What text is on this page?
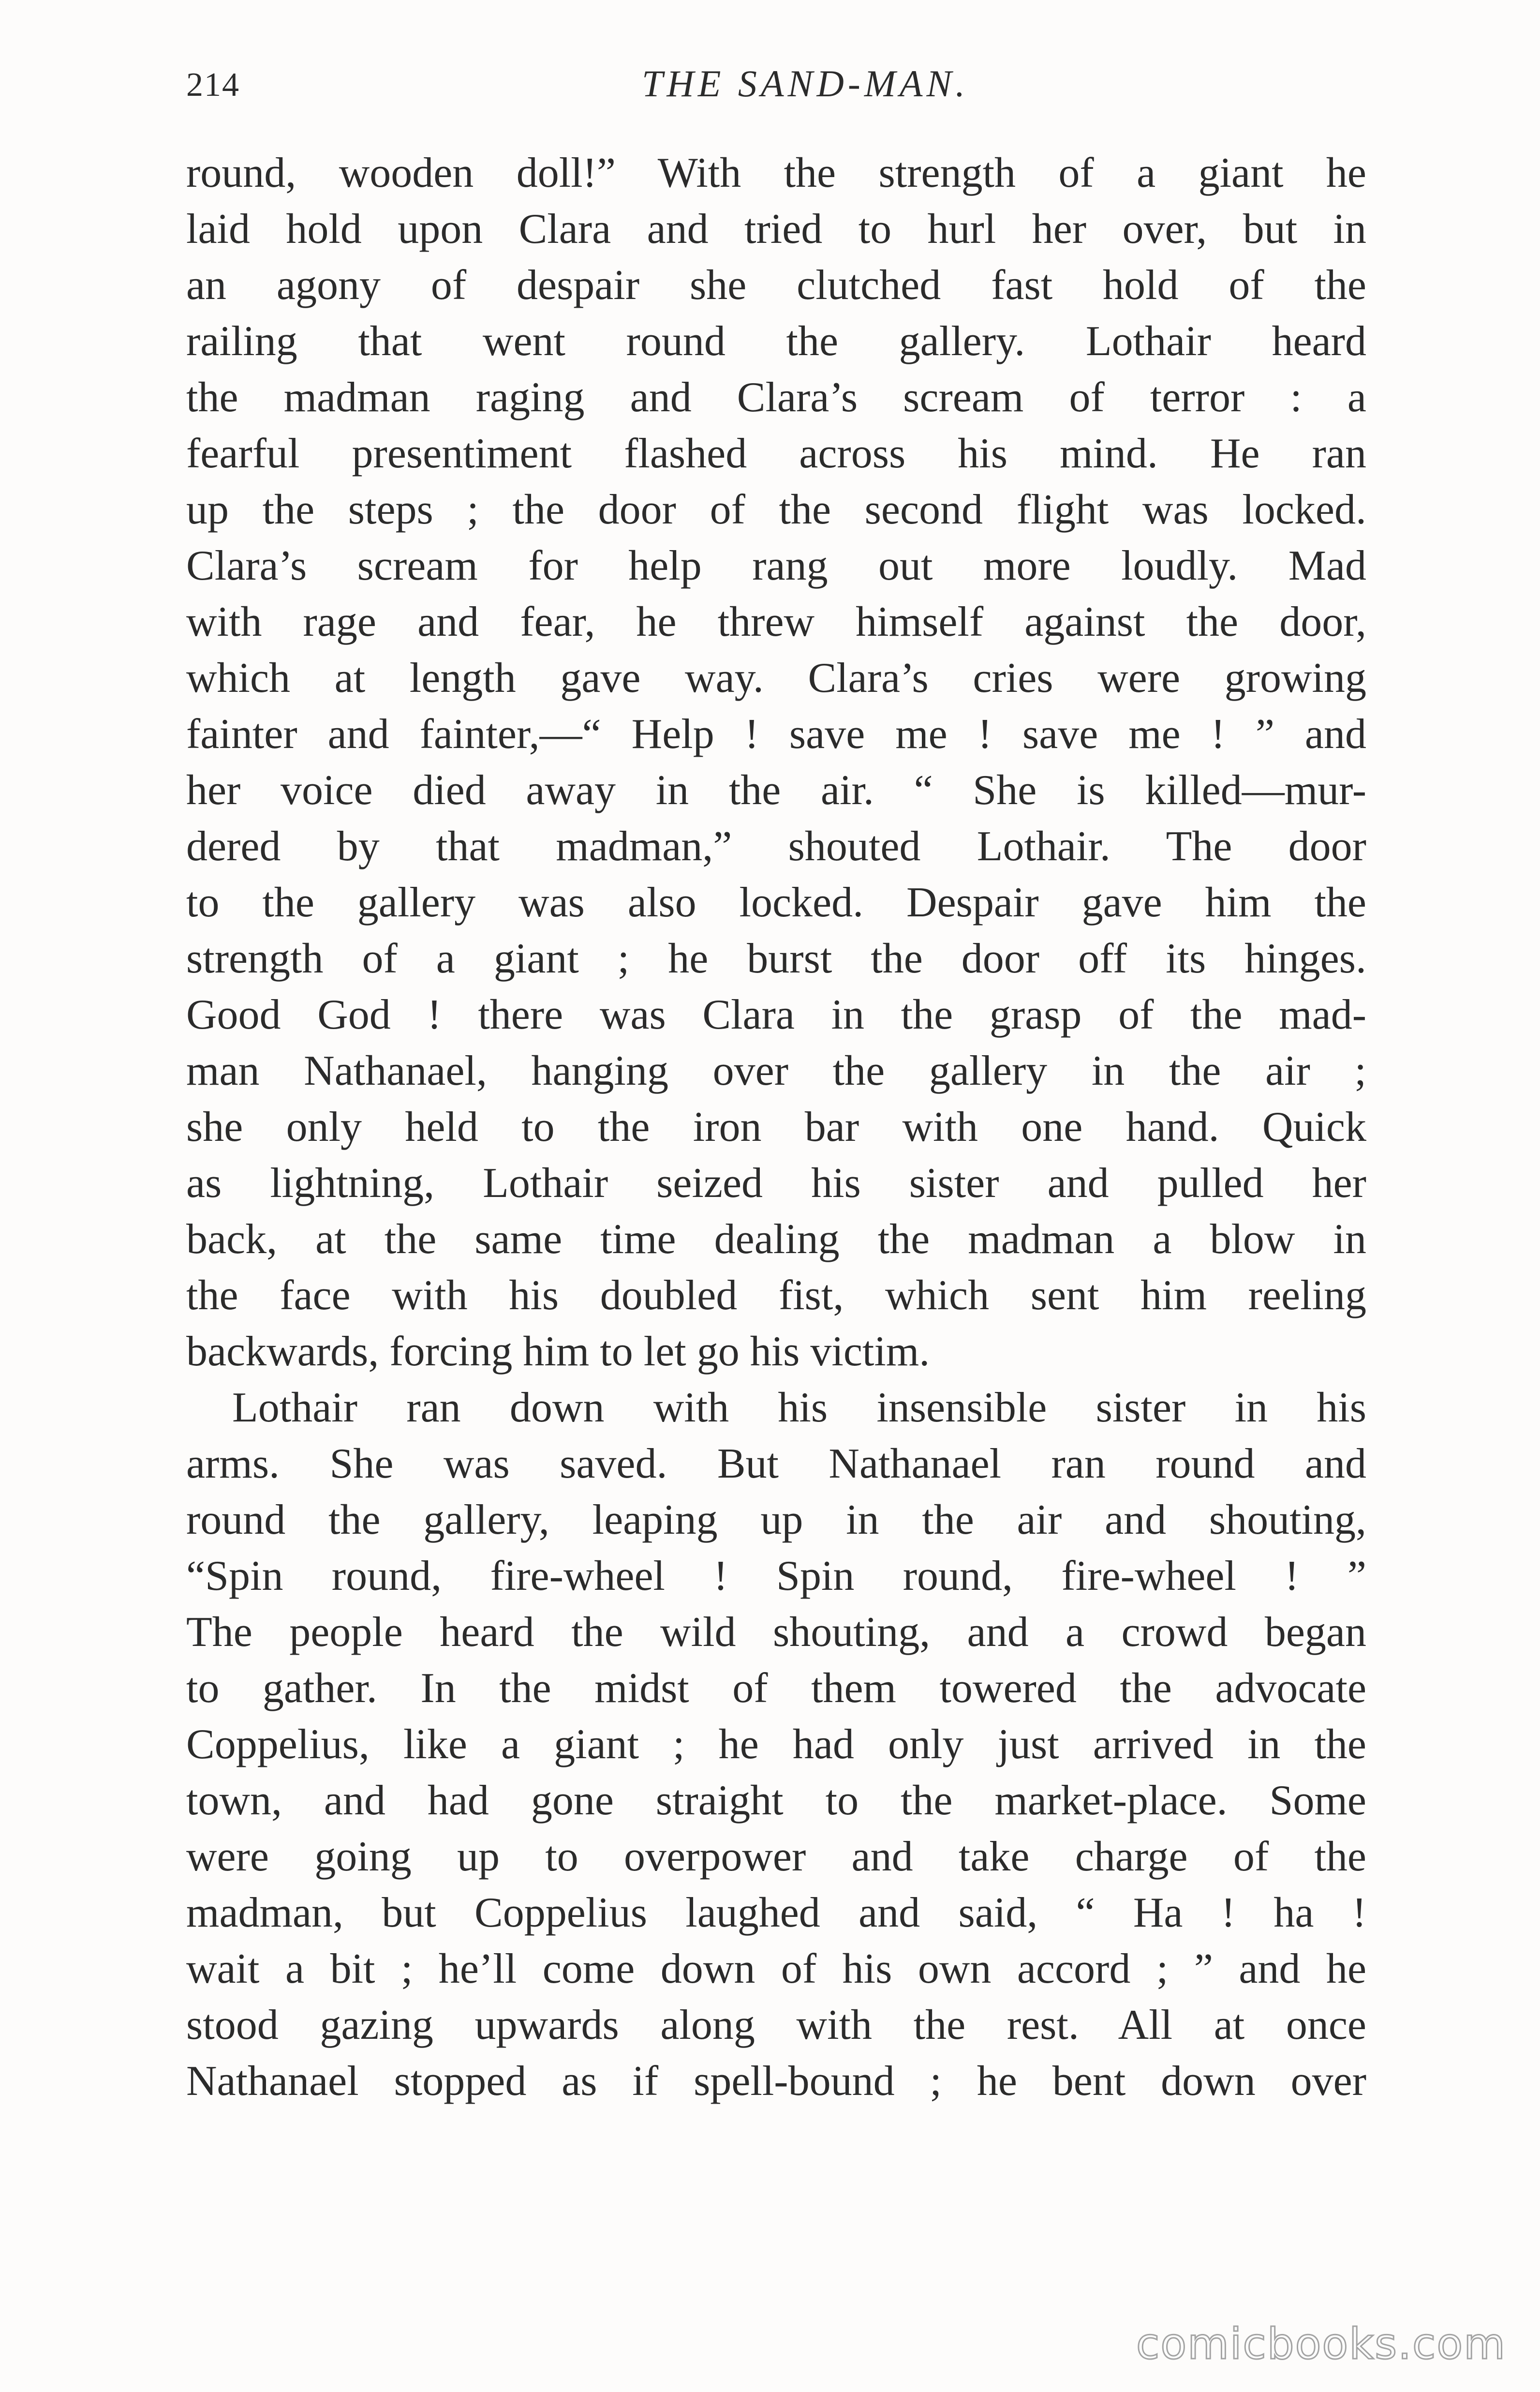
214	THE SAND-MAN.
round, wooden doll!” With the strength of a giant he
laid hold upon Clara and tried to hurl her over, but in
an agony of despair she clutched fast hold of the
railing that went round the gallery. Lothair heard
the madman raging and Clara’s scream of terror : a
fearful presentiment flashed across his mind. He ran
up the steps ; the door of the second flight was locked.
Clara’s scream for help rang out more loudly. Mad
with rage and fear, he threw himself against the door,
which at length gave way. Clara’s cries were growing
fainter and fainter,—“ Help ! save me ! save me ! ” and
her voice died away in the air. “ She is killed—mur-
dered by that madman,” shouted Lothair. The door
to the gallery was also locked. Despair gave him the
strength of a giant ; he burst the door off its hinges.
Good God ! there was Clara in the grasp of the mad-
man Nathanael, hanging over the gallery in the air ;
she only held to the iron bar with one hand. Quick
as lightning, Lothair seized his sister and pulled her
back, at the same time dealing the madman a blow in
the face with his doubled fist, which sent him reeling
backwards, forcing him to let go his victim.
Lothair ran down with his insensible sister in his
arms. She was saved. But Nathanael ran round and
round the gallery, leaping up in the air and shouting,
“Spin round, fire-wheel ! Spin round, fire-wheel ! ”
The people heard the wild shouting, and a crowd began
to gather. In the midst of them towered the advocate
Coppelius, like a giant ; he had only just arrived in the
town, and had gone straight to the market-place. Some
were going up to overpower and take charge of the
madman, but Coppelius laughed and said, “ Ha ! ha !
wait a bit ; he’ll come down of his own accord ; ” and he
stood gazing upwards along with the rest. All at once
Nathanael stopped as if spell-bound ; he bent down over
comicbooks.com
